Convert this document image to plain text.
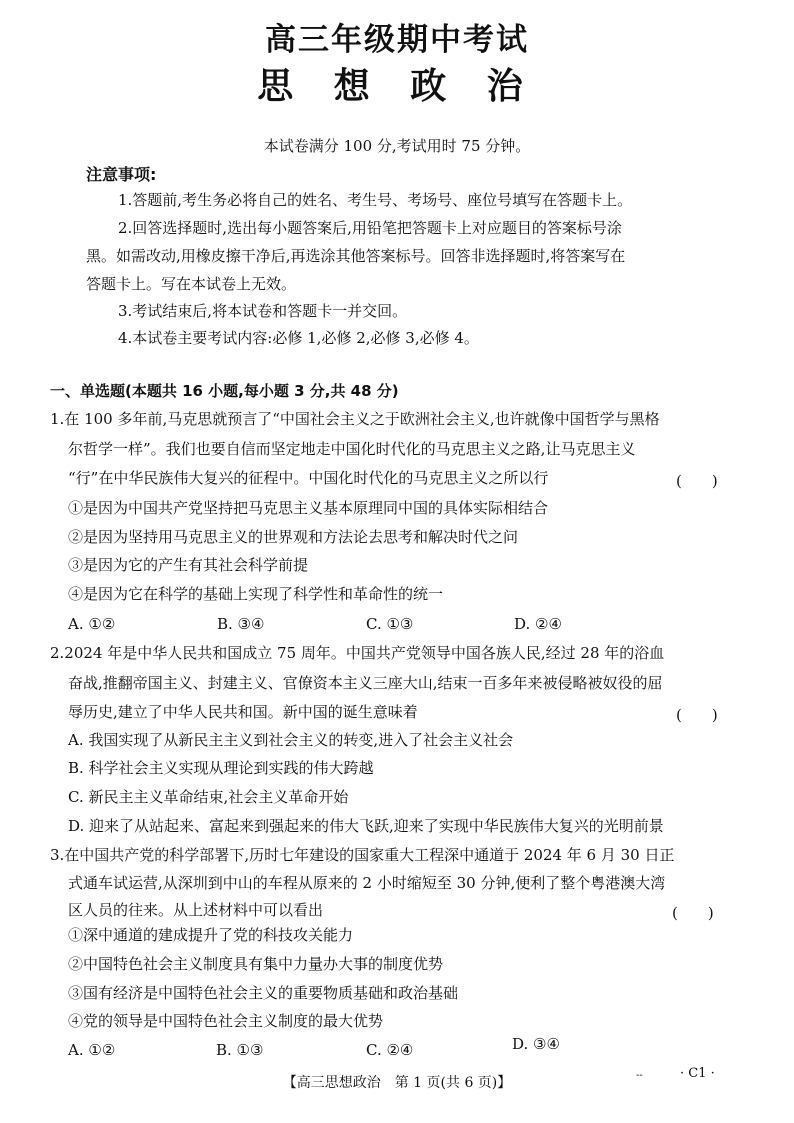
高三年级期中考试
思 想 政 治
本试卷满分 100 分,考试用时 75 分钟。
注意事项:
1.答题前,考生务必将自己的姓名、考生号、考场号、座位号填写在答题卡上。
2.回答选择题时,选出每小题答案后,用铅笔把答题卡上对应题目的答案标号涂
黑。如需改动,用橡皮擦干净后,再选涂其他答案标号。回答非选择题时,将答案写在
答题卡上。写在本试卷上无效。
3.考试结束后,将本试卷和答题卡一并交回。
4.本试卷主要考试内容:必修 1,必修 2,必修 3,必修 4。
一、单选题(本题共 16 小题,每小题 3 分,共 48 分)
1.在 100 多年前,马克思就预言了“中国社会主义之于欧洲社会主义,也许就像中国哲学与黑格
尔哲学一样”。我们也要自信而坚定地走中国化时代化的马克思主义之路,让马克思主义
“行”在中华民族伟大复兴的征程中。中国化时代化的马克思主义之所以行	(　　)
①是因为中国共产党坚持把马克思主义基本原理同中国的具体实际相结合
②是因为坚持用马克思主义的世界观和方法论去思考和解决时代之问
③是因为它的产生有其社会科学前提
④是因为它在科学的基础上实现了科学性和革命性的统一
A. ①②	B. ③④	C. ①③	D. ②④
2.2024 年是中华人民共和国成立 75 周年。中国共产党领导中国各族人民,经过 28 年的浴血
奋战,推翻帝国主义、封建主义、官僚资本主义三座大山,结束一百多年来被侵略被奴役的屈
辱历史,建立了中华人民共和国。新中国的诞生意味着	(　　)
A. 我国实现了从新民主主义到社会主义的转变,进入了社会主义社会
B. 科学社会主义实现从理论到实践的伟大跨越
C. 新民主主义革命结束,社会主义革命开始
D. 迎来了从站起来、富起来到强起来的伟大飞跃,迎来了实现中华民族伟大复兴的光明前景
3.在中国共产党的科学部署下,历时七年建设的国家重大工程深中通道于 2024 年 6 月 30 日正
式通车试运营,从深圳到中山的车程从原来的 2 小时缩短至 30 分钟,便利了整个粤港澳大湾
区人员的往来。从上述材料中可以看出	(　　)
①深中通道的建成提升了党的科技攻关能力
②中国特色社会主义制度具有集中力量办大事的制度优势
③国有经济是中国特色社会主义的重要物质基础和政治基础
④党的领导是中国特色社会主义制度的最大优势
A. ①②	B. ①③	C. ②④	D. ③④
【高三思想政治　第 1 页(共 6 页)】	--	· C1 ·
